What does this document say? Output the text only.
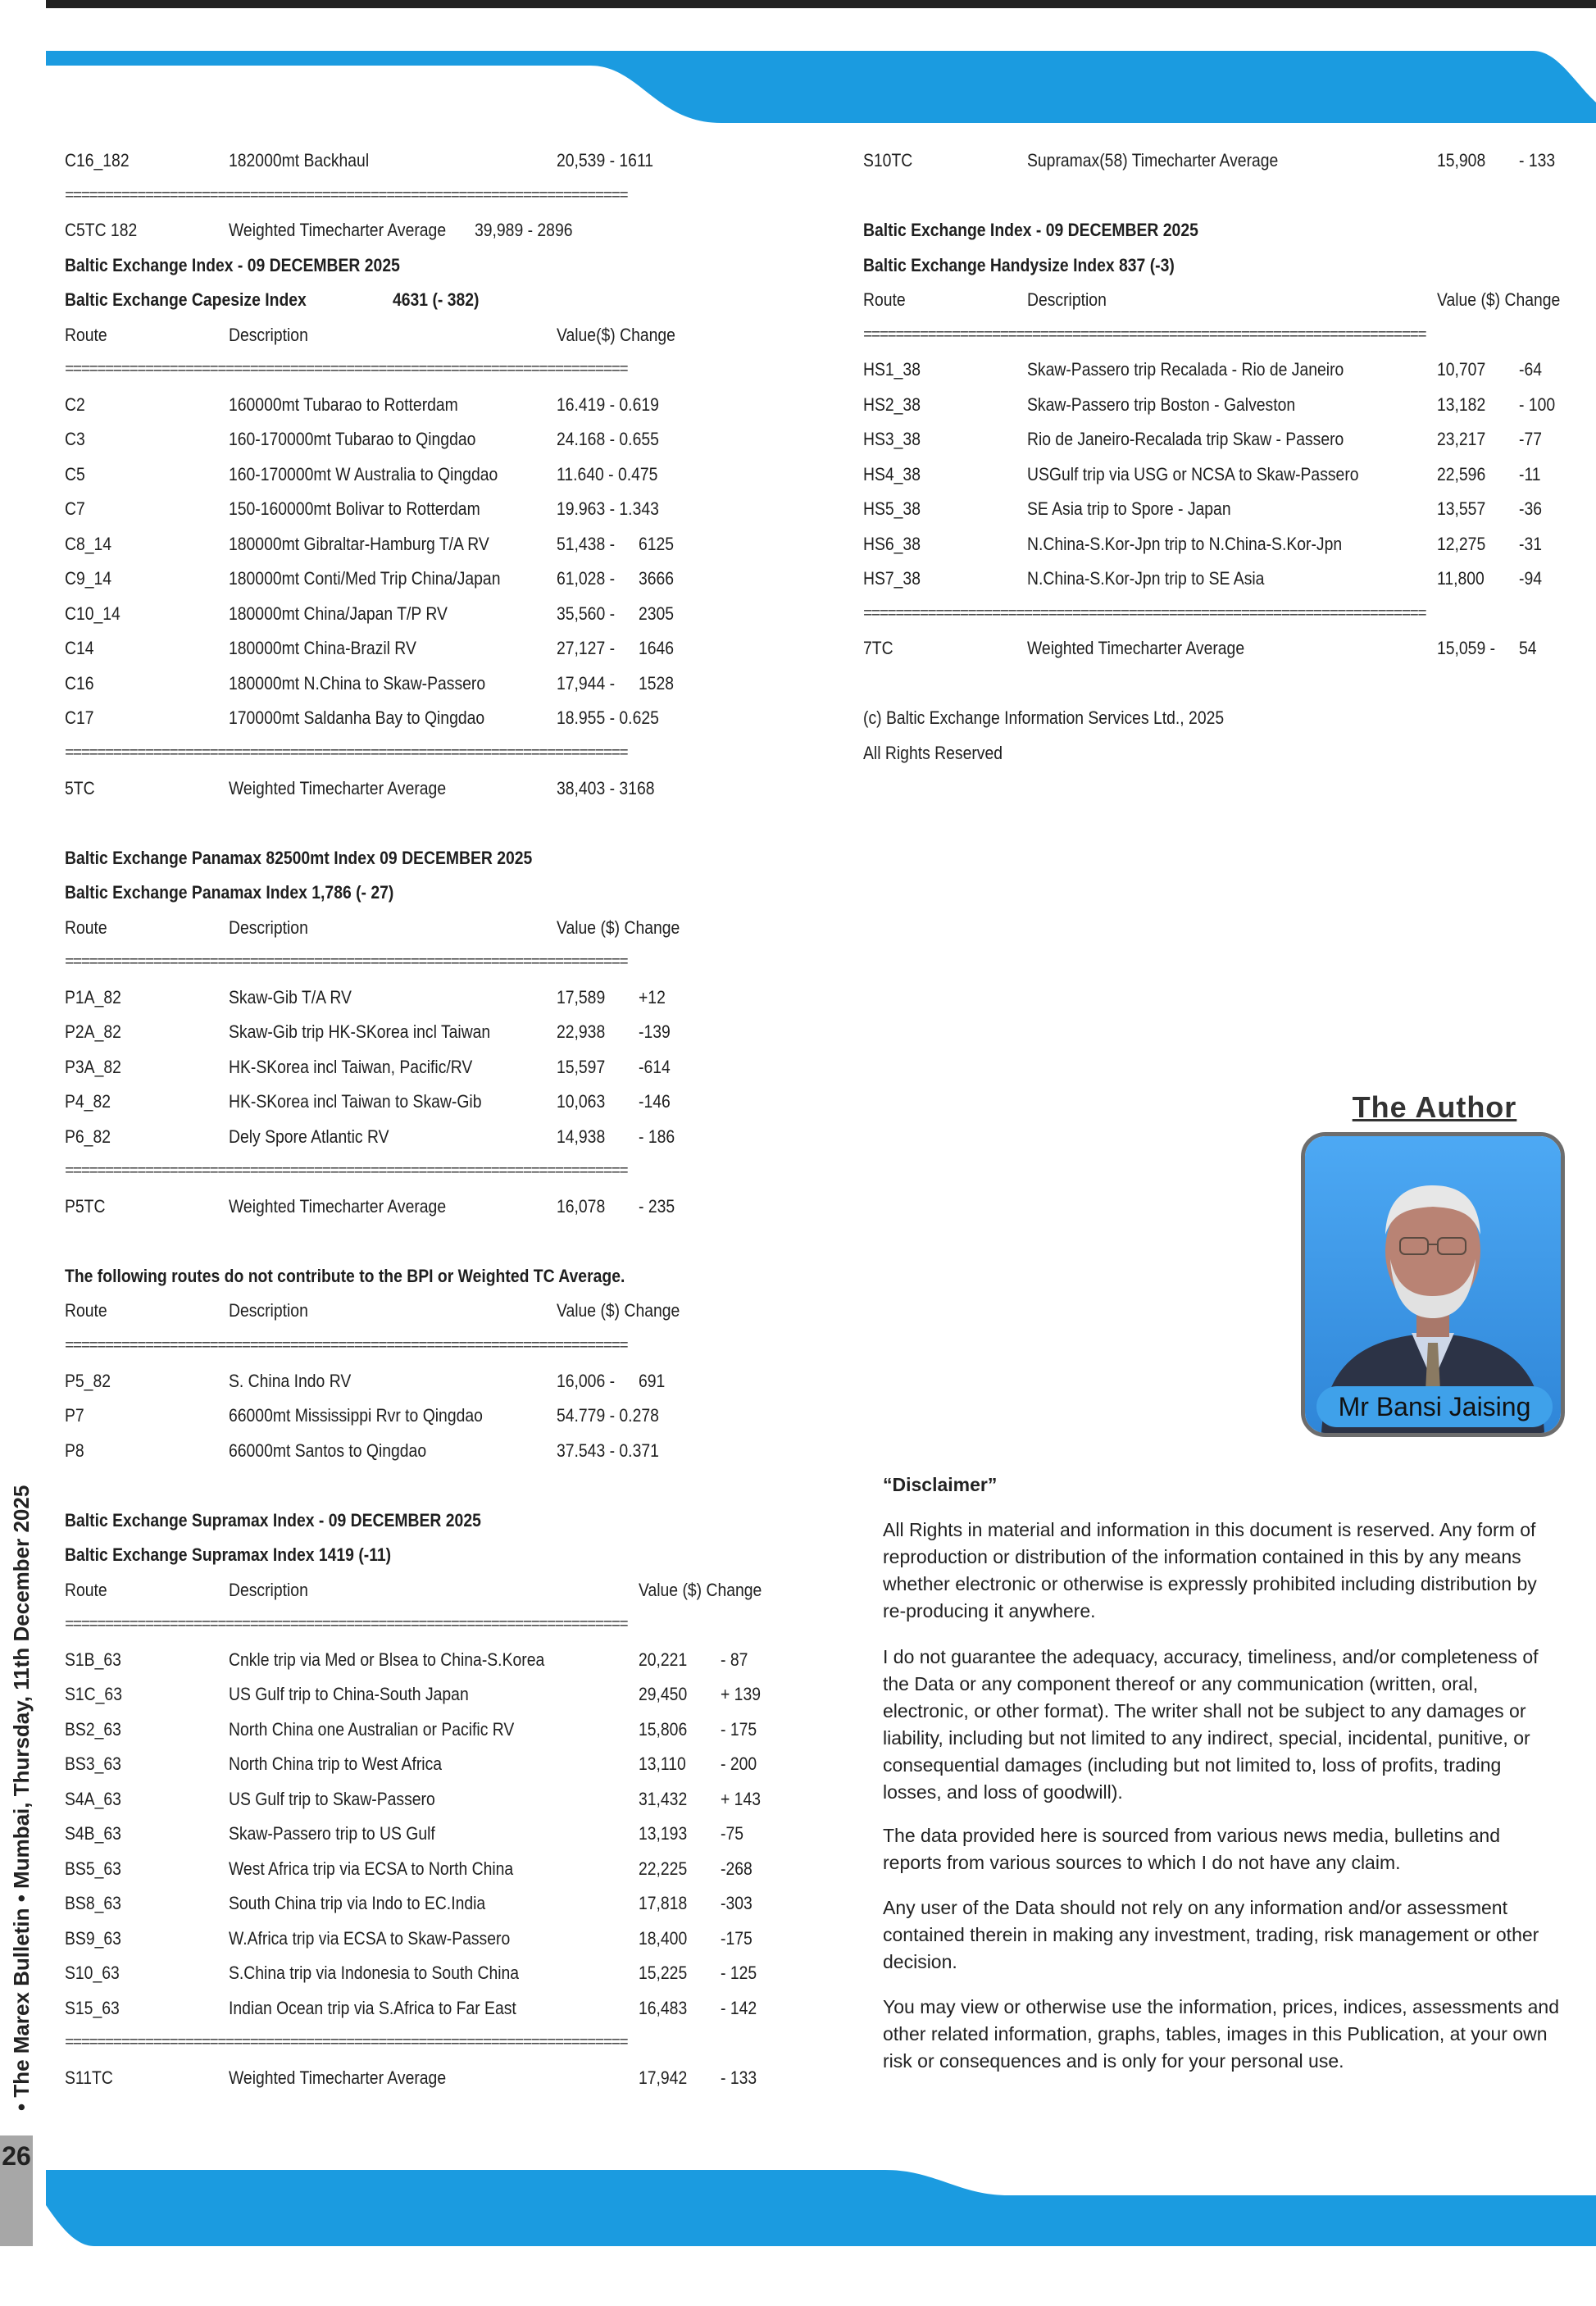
• The Marex Bulletin • Mumbai, Thursday, 11th December 2025
26
C16_182	182000mt Backhaul	20,539 - 1611
======================================================================
C5TC 182	Weighted Timecharter Average 39,989 - 2896
Baltic Exchange Index - 09 DECEMBER 2025
Baltic Exchange Capesize Index	4631 (- 382)
Route	Description	Value($) Change
======================================================================
C2	160000mt Tubarao to Rotterdam	16.419 - 0.619
C3	160-170000mt Tubarao to Qingdao	24.168 - 0.655
C5	160-170000mt W Australia to Qingdao	11.640 - 0.475
C7	150-160000mt Bolivar to Rotterdam	19.963 - 1.343
C8_14	180000mt Gibraltar-Hamburg T/A RV	51,438 - 6125
C9_14	180000mt Conti/Med Trip China/Japan	61,028 - 3666
C10_14	180000mt China/Japan T/P RV	35,560 - 2305
C14	180000mt China-Brazil RV	27,127 - 1646
C16	180000mt N.China to Skaw-Passero	17,944 - 1528
C17	170000mt Saldanha Bay to Qingdao	18.955 - 0.625
======================================================================
5TC	Weighted Timecharter Average	38,403 - 3168
Baltic Exchange Panamax 82500mt Index 09 DECEMBER 2025
Baltic Exchange Panamax Index 1,786 (- 27)
Route	Description	Value ($) Change
======================================================================
P1A_82	Skaw-Gib T/A RV	17,589 +12
P2A_82	Skaw-Gib trip HK-SKorea incl Taiwan	22,938 -139
P3A_82	HK-SKorea incl Taiwan, Pacific/RV	15,597 -614
P4_82	HK-SKorea incl Taiwan to Skaw-Gib	10,063 -146
P6_82	Dely Spore Atlantic RV	14,938 - 186
======================================================================
P5TC	Weighted Timecharter Average	16,078 - 235
The following routes do not contribute to the BPI or Weighted TC Average.
Route	Description	Value ($) Change
======================================================================
P5_82	S. China Indo RV	16,006 - 691
P7	66000mt Mississippi Rvr to Qingdao	54.779 - 0.278
P8	66000mt Santos to Qingdao	37.543 - 0.371
Baltic Exchange Supramax Index - 09 DECEMBER 2025
Baltic Exchange Supramax Index 1419 (-11)
Route	Description	Value ($) Change
======================================================================
S1B_63	Cnkle trip via Med or Blsea to China-S.Korea	20,221 - 87
S1C_63	US Gulf trip to China-South Japan	29,450 + 139
BS2_63	North China one Australian or Pacific RV	15,806 - 175
BS3_63	North China trip to West Africa	13,110 - 200
S4A_63	US Gulf trip to Skaw-Passero	31,432 + 143
S4B_63	Skaw-Passero trip to US Gulf	13,193 -75
BS5_63	West Africa trip via ECSA to North China	22,225 -268
BS8_63	South China trip via Indo to EC.India	17,818 -303
BS9_63	W.Africa trip via ECSA to Skaw-Passero	18,400 -175
S10_63	S.China trip via Indonesia to South China	15,225 - 125
S15_63	Indian Ocean trip via S.Africa to Far East	16,483 - 142
======================================================================
S11TC	Weighted Timecharter Average	17,942 - 133
S10TC	Supramax(58) Timecharter Average	15,908 - 133
Baltic Exchange Index - 09 DECEMBER 2025
Baltic Exchange Handysize Index 837 (-3)
Route	Description	Value ($) Change
======================================================================
HS1_38	Skaw-Passero trip Recalada - Rio de Janeiro	10,707 -64
HS2_38	Skaw-Passero trip Boston - Galveston	13,182 - 100
HS3_38	Rio de Janeiro-Recalada trip Skaw - Passero	23,217 -77
HS4_38	USGulf trip via USG or NCSA to Skaw-Passero	22,596 -11
HS5_38	SE Asia trip to Spore - Japan	13,557 -36
HS6_38	N.China-S.Kor-Jpn trip to N.China-S.Kor-Jpn	12,275 -31
HS7_38	N.China-S.Kor-Jpn trip to SE Asia	11,800 -94
======================================================================
7TC	Weighted Timecharter Average	15,059 - 54
(c) Baltic Exchange Information Services Ltd., 2025
All Rights Reserved
The Author
Mr Bansi Jaising
“Disclaimer”
All Rights in material and information in this document is reserved. Any form of reproduction or distribution of the information contained in this by any means whether electronic or otherwise is expressly prohibited including distribution by re-producing it anywhere.
I do not guarantee the adequacy, accuracy, timeliness, and/or completeness of the Data or any component thereof or any communication (written, oral, electronic, or other format). The writer shall not be subject to any damages or liability, including but not limited to any indirect, special, incidental, punitive, or consequential damages (including but not limited to, loss of profits, trading losses, and loss of goodwill).
The data provided here is sourced from various news media, bulletins and reports from various sources to which I do not have any claim.
Any user of the Data should not rely on any information and/or assessment contained therein in making any investment, trading, risk management or other decision.
You may view or otherwise use the information, prices, indices, assessments and other related information, graphs, tables, images in this Publication, at your own risk or consequences and is only for your personal use.
